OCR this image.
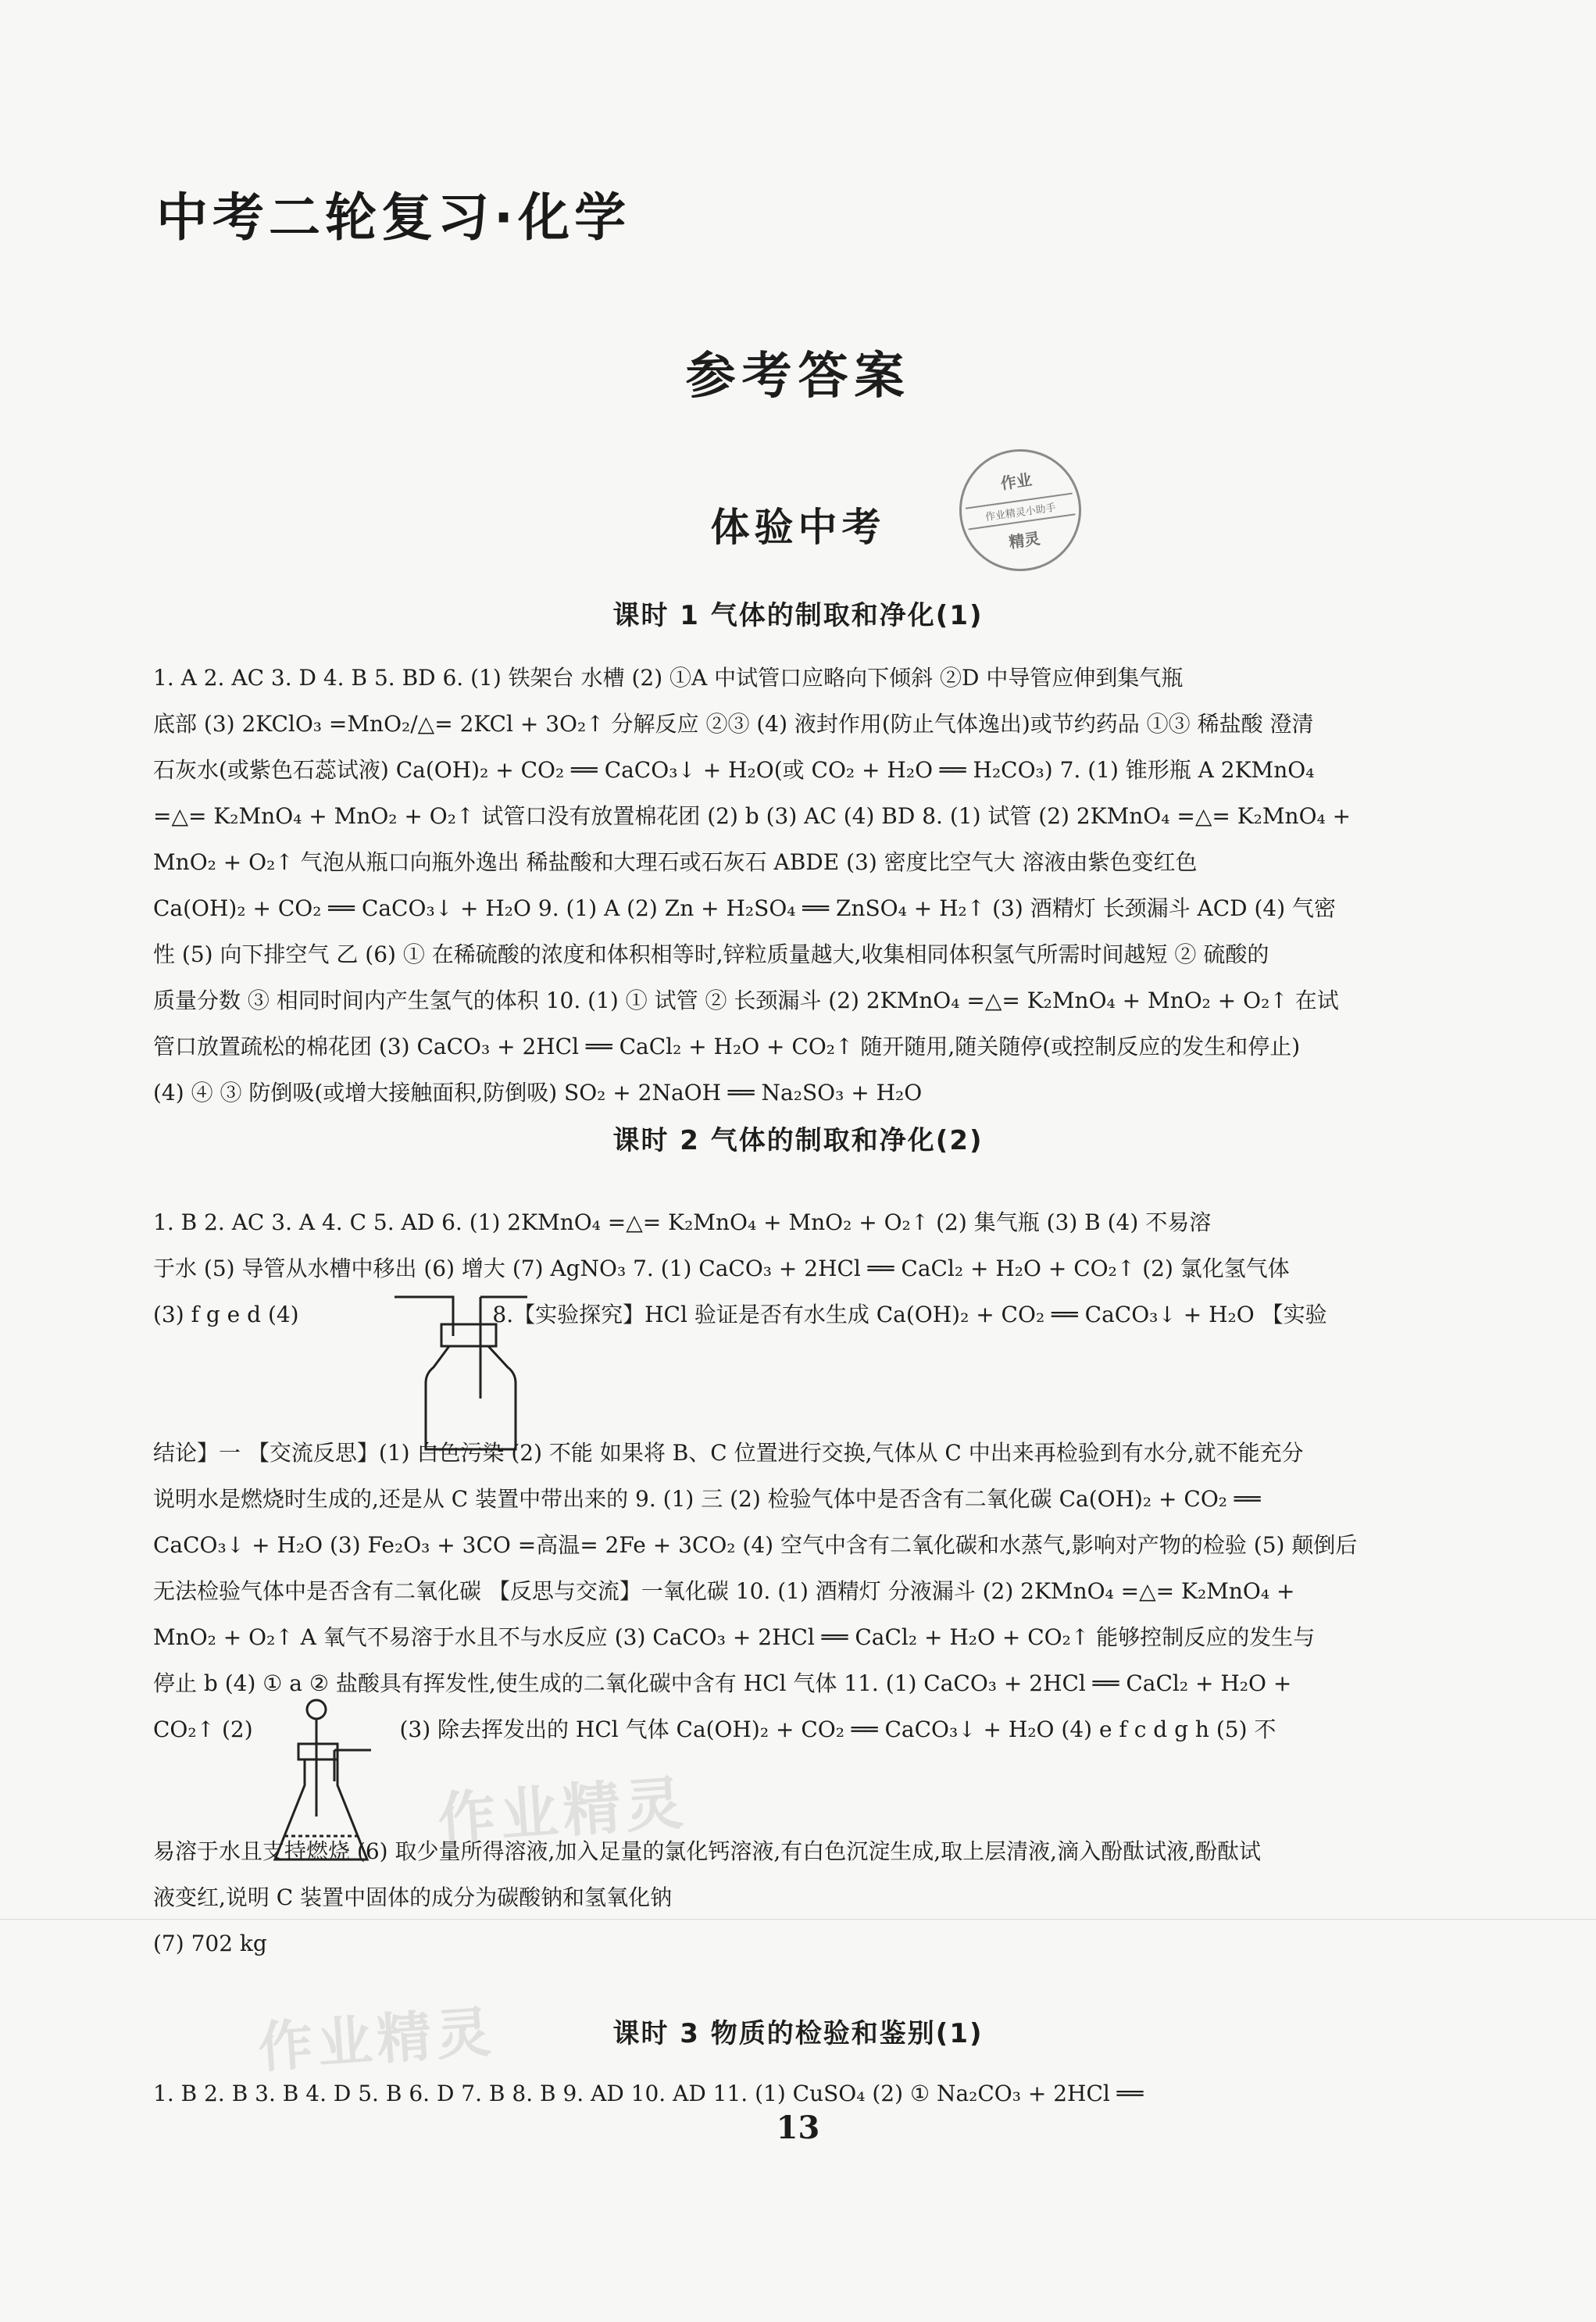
中考二轮复习·化学
参考答案
体验中考
作业
作业精灵小助手
精灵
课时 1 气体的制取和净化(1)

1. A 2. AC 3. D 4. B 5. BD 6. (1) 铁架台 水槽 (2) ①A 中试管口应略向下倾斜 ②D 中导管应伸到集气瓶

底部 (3) 2KClO₃ =MnO₂/△= 2KCl + 3O₂↑ 分解反应 ②③ (4) 液封作用(防止气体逸出)或节约药品 ①③ 稀盐酸 澄清

石灰水(或紫色石蕊试液) Ca(OH)₂ + CO₂ ══ CaCO₃↓ + H₂O(或 CO₂ + H₂O ══ H₂CO₃) 7. (1) 锥形瓶 A 2KMnO₄

=△= K₂MnO₄ + MnO₂ + O₂↑ 试管口没有放置棉花团 (2) b (3) AC (4) BD 8. (1) 试管 (2) 2KMnO₄ =△= K₂MnO₄ +

MnO₂ + O₂↑ 气泡从瓶口向瓶外逸出 稀盐酸和大理石或石灰石 ABDE (3) 密度比空气大 溶液由紫色变红色

Ca(OH)₂ + CO₂ ══ CaCO₃↓ + H₂O 9. (1) A (2) Zn + H₂SO₄ ══ ZnSO₄ + H₂↑ (3) 酒精灯 长颈漏斗 ACD (4) 气密

性 (5) 向下排空气 乙 (6) ① 在稀硫酸的浓度和体积相等时,锌粒质量越大,收集相同体积氢气所需时间越短 ② 硫酸的

质量分数 ③ 相同时间内产生氢气的体积 10. (1) ① 试管 ② 长颈漏斗 (2) 2KMnO₄ =△= K₂MnO₄ + MnO₂ + O₂↑ 在试

管口放置疏松的棉花团 (3) CaCO₃ + 2HCl ══ CaCl₂ + H₂O + CO₂↑ 随开随用,随关随停(或控制反应的发生和停止)

(4) ④ ③ 防倒吸(或增大接触面积,防倒吸) SO₂ + 2NaOH ══ Na₂SO₃ + H₂O

课时 2 气体的制取和净化(2)

1. B 2. AC 3. A 4. C 5. AD 6. (1) 2KMnO₄ =△= K₂MnO₄ + MnO₂ + O₂↑ (2) 集气瓶 (3) B (4) 不易溶

于水 (5) 导管从水槽中移出 (6) 增大 (7) AgNO₃ 7. (1) CaCO₃ + 2HCl ══ CaCl₂ + H₂O + CO₂↑ (2) 氯化氢气体

(3) f g e d (4)	8.【实验探究】HCl 验证是否有水生成 Ca(OH)₂ + CO₂ ══ CaCO₃↓ + H₂O 【实验

结论】一 【交流反思】(1) 白色污染 (2) 不能 如果将 B、C 位置进行交换,气体从 C 中出来再检验到有水分,就不能充分

说明水是燃烧时生成的,还是从 C 装置中带出来的 9. (1) 三 (2) 检验气体中是否含有二氧化碳 Ca(OH)₂ + CO₂ ══

CaCO₃↓ + H₂O (3) Fe₂O₃ + 3CO =高温= 2Fe + 3CO₂ (4) 空气中含有二氧化碳和水蒸气,影响对产物的检验 (5) 颠倒后

无法检验气体中是否含有二氧化碳 【反思与交流】一氧化碳 10. (1) 酒精灯 分液漏斗 (2) 2KMnO₄ =△= K₂MnO₄ +

MnO₂ + O₂↑ A 氧气不易溶于水且不与水反应 (3) CaCO₃ + 2HCl ══ CaCl₂ + H₂O + CO₂↑ 能够控制反应的发生与

停止 b (4) ① a ② 盐酸具有挥发性,使生成的二氧化碳中含有 HCl 气体 11. (1) CaCO₃ + 2HCl ══ CaCl₂ + H₂O +

CO₂↑ (2)	(3) 除去挥发出的 HCl 气体 Ca(OH)₂ + CO₂ ══ CaCO₃↓ + H₂O (4) e f c d g h (5) 不

作业精灵

易溶于水且支持燃烧 (6) 取少量所得溶液,加入足量的氯化钙溶液,有白色沉淀生成,取上层清液,滴入酚酞试液,酚酞试

液变红,说明 C 装置中固体的成分为碳酸钠和氢氧化钠

(7) 702 kg

作业精灵	课时 3 物质的检验和鉴别(1)

1. B 2. B 3. B 4. D 5. B 6. D 7. B 8. B 9. AD 10. AD 11. (1) CuSO₄ (2) ① Na₂CO₃ + 2HCl ══

13
